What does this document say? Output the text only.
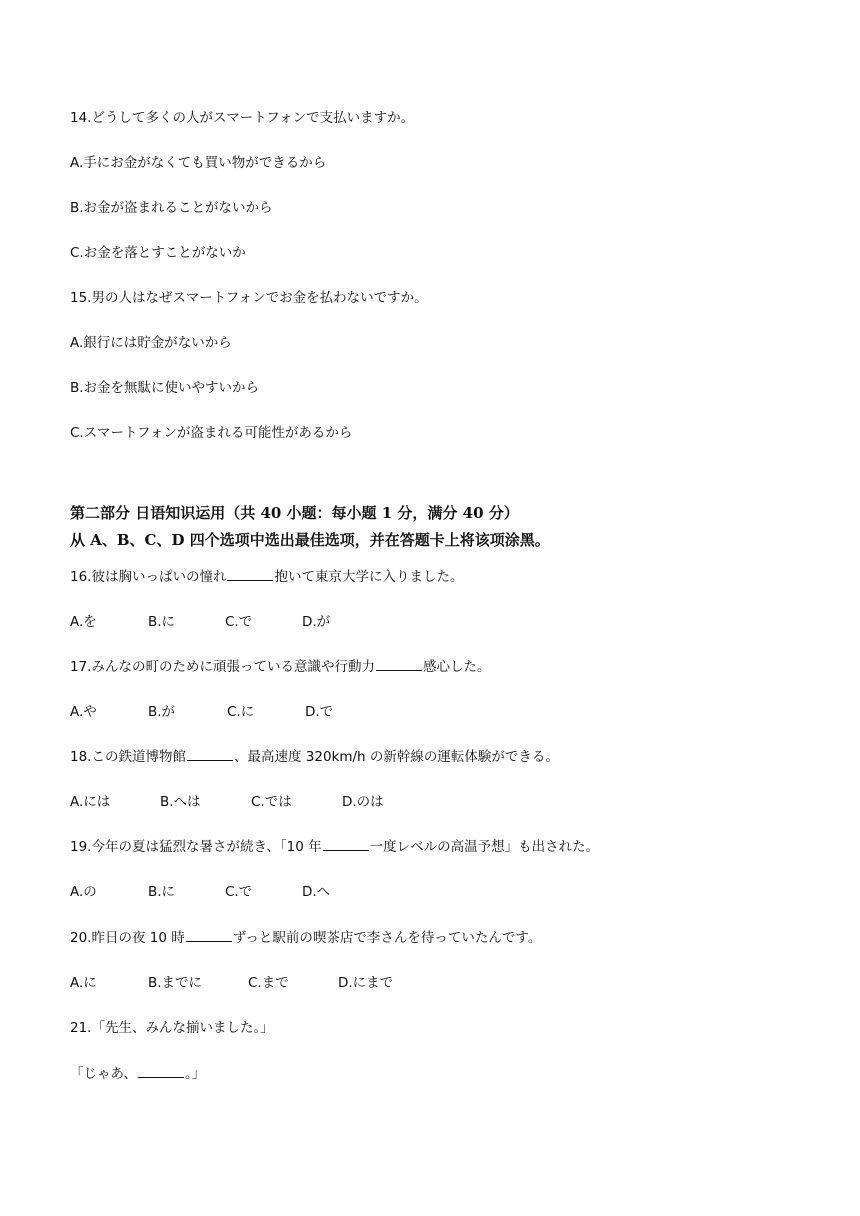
14.どうして多くの人がスマートフォンで支払いますか。
A.手にお金がなくても買い物ができるから
B.お金が盗まれることがないから
C.お金を落とすことがないか
15.男の人はなぜスマートフォンでお金を払わないですか。
A.銀行には貯金がないから
B.お金を無駄に使いやすいから
C.スマートフォンが盗まれる可能性があるから
第二部分 日语知识运用（共 40 小题：每小题 1 分，满分 40 分）
从 A、B、C、D 四个选项中选出最佳选项，并在答题卡上将该项涂黑。
16.彼は胸いっぱいの憧れ	抱いて東京大学に入りました。
A.を	B.に	C.で	D.が
17.みんなの町のために頑張っている意識や行動力	感心した。
A.や	B.が	C.に	D.で
18.この鉄道博物館	、最高速度 320km/h の新幹線の運転体験ができる。
A.には	B.へは	C.では	D.のは
19.今年の夏は猛烈な暑さが続き、「10 年	一度レベルの高温予想」も出された。
A.の	B.に	C.で	D.へ
20.昨日の夜 10 時	ずっと駅前の喫茶店で李さんを待っていたんです。
A.に	B.までに	C.まで	D.にまで
21.「先生、みんな揃いました。」
「じゃあ、	。」
